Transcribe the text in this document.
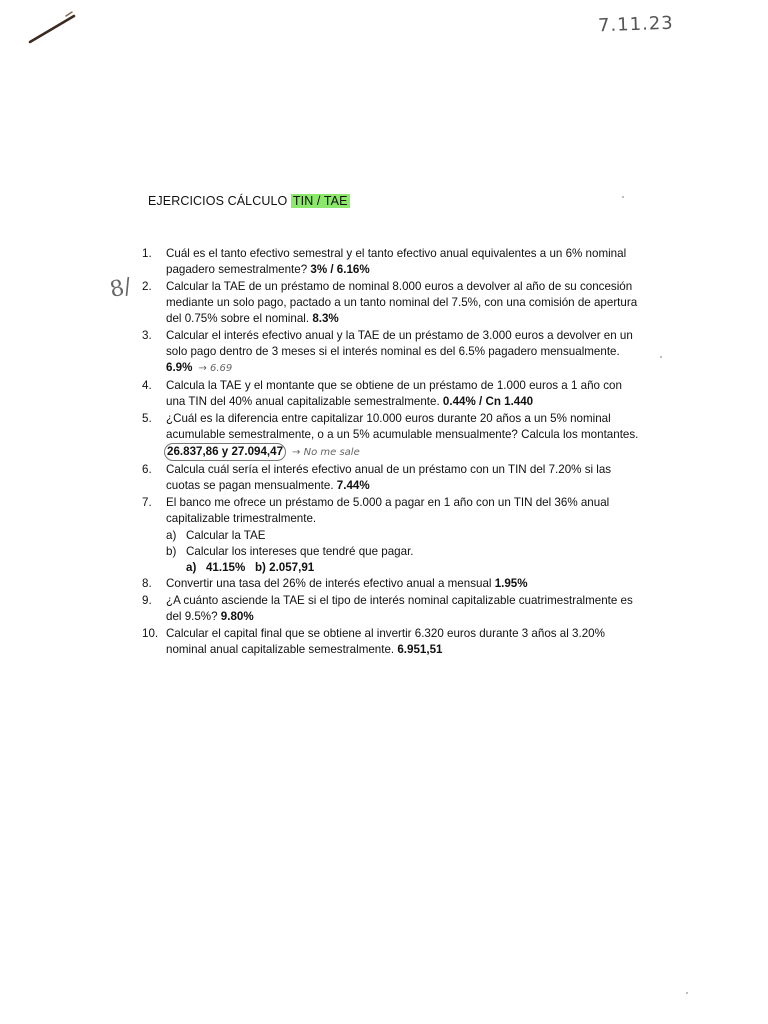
7.11.23
EJERCICIOS CÁLCULO TIN / TAE
8/
1.	Cuál es el tanto efectivo semestral y el tanto efectivo anual equivalentes a un 6% nominal pagadero semestralmente? 3% / 6.16%
2.	Calcular la TAE de un préstamo de nominal 8.000 euros a devolver al año de su concesión mediante un solo pago, pactado a un tanto nominal del 7.5%, con una comisión de apertura del 0.75% sobre el nominal. 8.3%
3.	Calcular el interés efectivo anual y la TAE de un préstamo de 3.000 euros a devolver en un solo pago dentro de 3 meses si el interés nominal es del 6.5% pagadero mensualmente. 6.9% → 6.69
4.	Calcula la TAE y el montante que se obtiene de un préstamo de 1.000 euros a 1 año con una TIN del 40% anual capitalizable semestralmente. 0.44% / Cn 1.440
5.	¿Cuál es la diferencia entre capitalizar 10.000 euros durante 20 años a un 5% nominal acumulable semestralmente, o a un 5% acumulable mensualmente? Calcula los montantes.26.837,86 y 27.094,47 → No me sale
6.	Calcula cuál sería el interés efectivo anual de un préstamo con un TIN del 7.20% si las cuotas se pagan mensualmente. 7.44%
7.	El banco me ofrece un préstamo de 5.000 a pagar en 1 año con un TIN del 36% anual capitalizable trimestralmente.
a) Calcular la TAE
b) Calcular los intereses que tendré que pagar.
a)   41.15%   b) 2.057,91
8.	Convertir una tasa del 26% de interés efectivo anual a mensual 1.95%
9.	¿A cuánto asciende la TAE si el tipo de interés nominal capitalizable cuatrimestralmente es del 9.5%? 9.80%
10. Calcular el capital final que se obtiene al invertir 6.320 euros durante 3 años al 3.20% nominal anual capitalizable semestralmente. 6.951,51
